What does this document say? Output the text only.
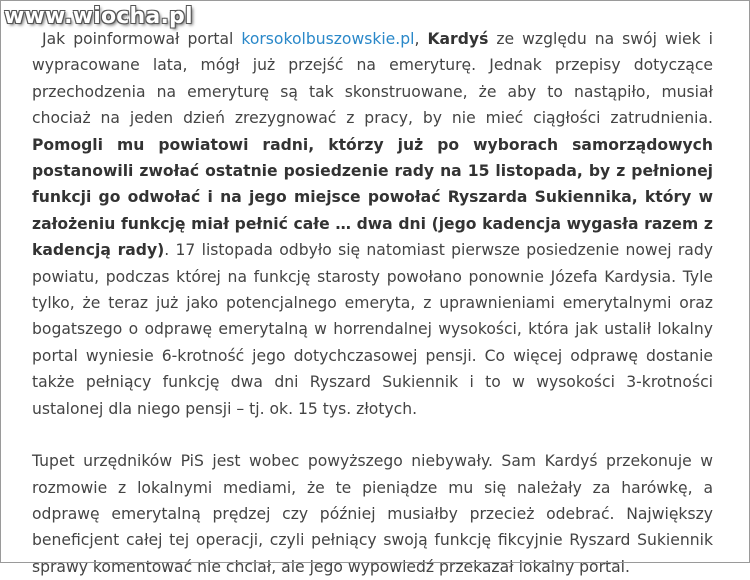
www.wiocha.pl

Jak poinformował portal korsokolbuszowskie.pl, Kardyś ze względu na swój wiek i wypracowane lata, mógł już przejść na emeryturę. Jednak przepisy dotyczące przechodzenia na emeryturę są tak skonstruowane, że aby to nastąpiło, musiał chociaż na jeden dzień zrezygnować z pracy, by nie mieć ciągłości zatrudnienia. Pomogli mu powiatowi radni, którzy już po wyborach samorządowych postanowili zwołać ostatnie posiedzenie rady na 15 listopada, by z pełnionej funkcji go odwołać i na jego miejsce powołać Ryszarda Sukiennika, który w założeniu funkcję miał pełnić całe … dwa dni (jego kadencja wygasła razem z kadencją rady). 17 listopada odbyło się natomiast pierwsze posiedzenie nowej rady powiatu, podczas której na funkcję starosty powołano ponownie Józefa Kardysia. Tyle tylko, że teraz już jako potencjalnego emeryta, z uprawnieniami emerytalnymi oraz bogatszego o odprawę emerytalną w horrendalnej wysokości, która jak ustalił lokalny portal wyniesie 6-krotność jego dotychczasowej pensji. Co więcej odprawę dostanie także pełniący funkcję dwa dni Ryszard Sukiennik i to w wysokości 3-krotności ustalonej dla niego pensji – tj. ok. 15 tys. złotych.

Tupet urzędników PiS jest wobec powyższego niebywały. Sam Kardyś przekonuje w rozmowie z lokalnymi mediami, że te pieniądze mu się należały za harówkę, a odprawę emerytalną prędzej czy później musiałby przecież odebrać. Największy beneficjent całej tej operacji, czyli pełniący swoją funkcję fikcyjnie Ryszard Sukiennik sprawy komentować nie chciał, ale jego wypowiedź przekazał lokalny portal.
